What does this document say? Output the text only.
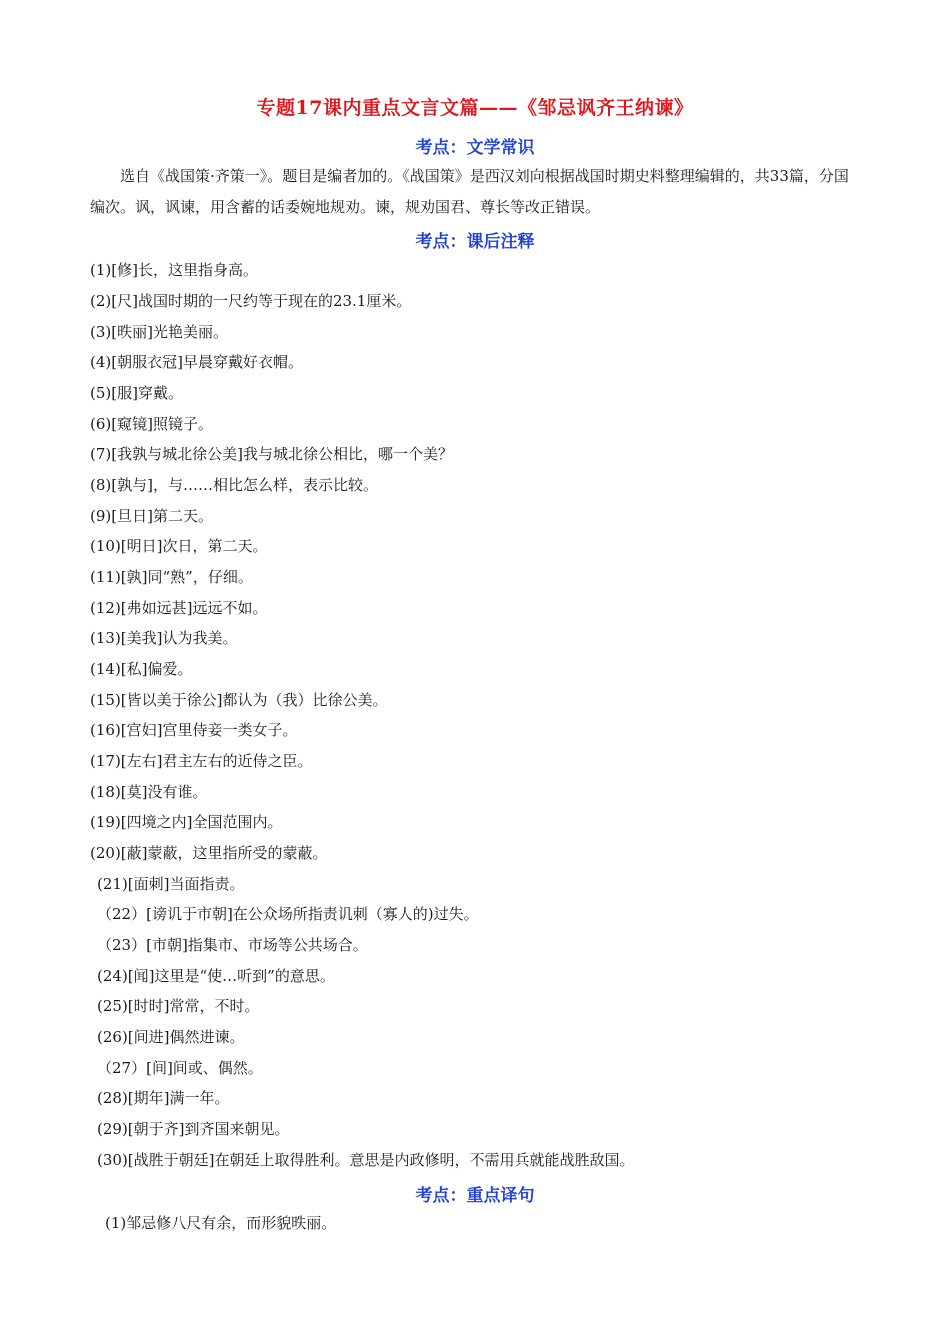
专题17课内重点文言文篇——《邹忌讽齐王纳谏》
考点：文学常识
选自《战国策·齐策一》。题目是编者加的。《战国策》是西汉刘向根据战国时期史料整理编辑的，共33篇，分国编次。讽，讽谏，用含蓄的话委婉地规劝。谏，规劝国君、尊长等改正错误。
考点：课后注释
(1)[修]长，这里指身高。
(2)[尺]战国时期的一尺约等于现在的23.1厘米。
(3)[昳丽]光艳美丽。
(4)[朝服衣冠]早晨穿戴好衣帽。
(5)[服]穿戴。
(6)[窥镜]照镜子。
(7)[我孰与城北徐公美]我与城北徐公相比，哪一个美？
(8)[孰与]，与……相比怎么样，表示比较。
(9)[旦日]第二天。
(10)[明日]次日，第二天。
(11)[孰]同“熟”，仔细。
(12)[弗如远甚]远远不如。
(13)[美我]认为我美。
(14)[私]偏爱。
(15)[皆以美于徐公]都认为（我）比徐公美。
(16)[宫妇]宫里侍妾一类女子。
(17)[左右]君主左右的近侍之臣。
(18)[莫]没有谁。
(19)[四境之内]全国范围内。
(20)[蔽]蒙蔽，这里指所受的蒙蔽。
(21)[面刺]当面指责。
（22）[谤讥于市朝]在公众场所指责讥刺（寡人的)过失。
（23）[市朝]指集市、市场等公共场合。
(24)[闻]这里是“使…听到”的意思。
(25)[时时]常常，不时。
(26)[间进]偶然进谏。
（27）[间]间或、偶然。
(28)[期年]满一年。
(29)[朝于齐]到齐国来朝见。
(30)[战胜于朝廷]在朝廷上取得胜利。意思是内政修明，不需用兵就能战胜敌国。
考点：重点译句
(1)邹忌修八尺有余，而形貌昳丽。
